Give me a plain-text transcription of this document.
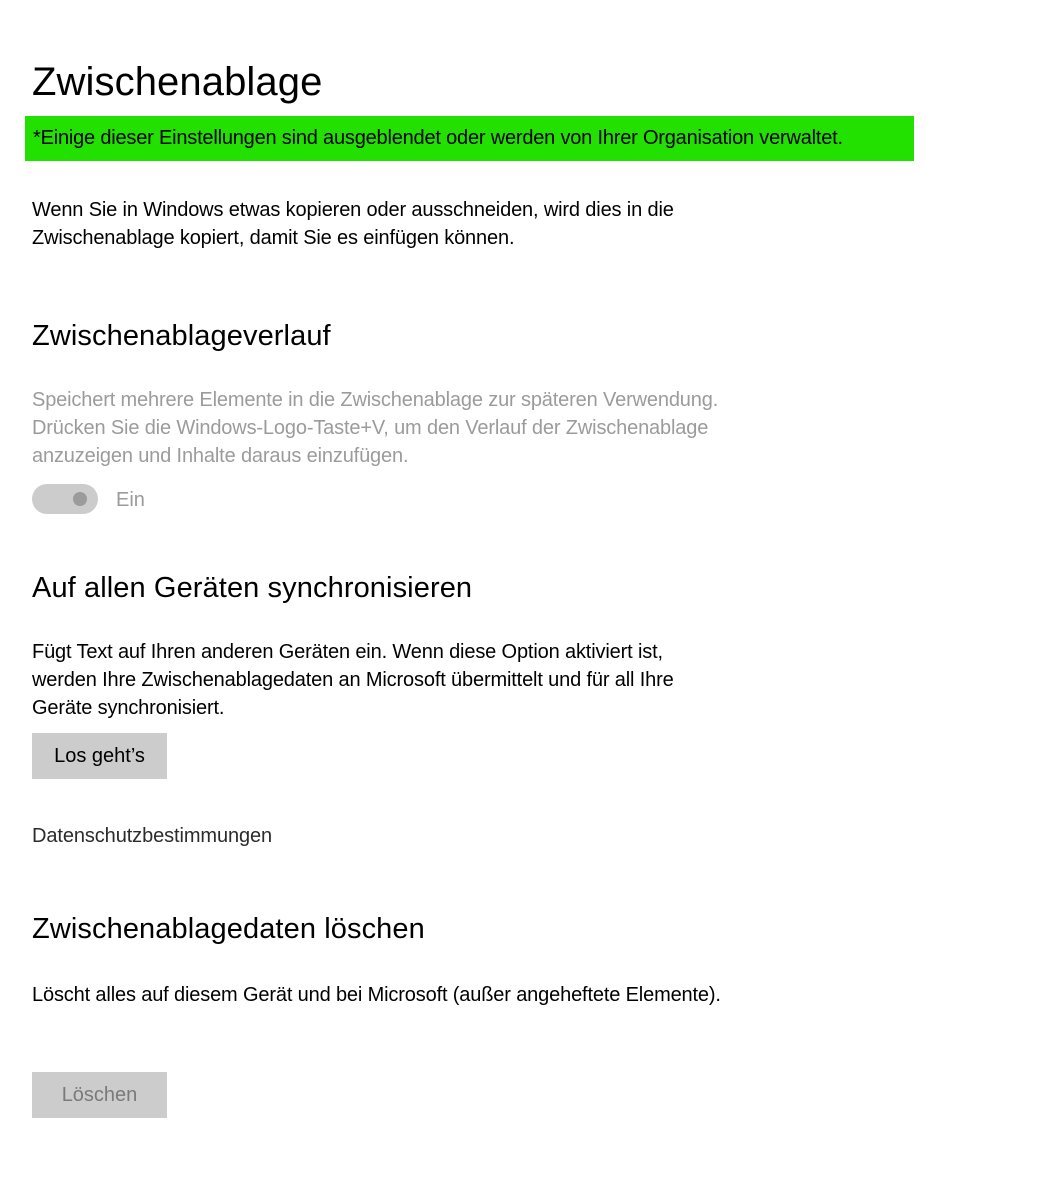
Zwischenablage
*Einige dieser Einstellungen sind ausgeblendet oder werden von Ihrer Organisation verwaltet.

Wenn Sie in Windows etwas kopieren oder ausschneiden, wird dies in die Zwischenablage kopiert, damit Sie es einfügen können.

Zwischenablageverlauf

Speichert mehrere Elemente in die Zwischenablage zur späteren Verwendung. Drücken Sie die Windows-Logo-Taste+V, um den Verlauf der Zwischenablage anzuzeigen und Inhalte daraus einzufügen.

Ein
Auf allen Geräten synchronisieren

Fügt Text auf Ihren anderen Geräten ein. Wenn diese Option aktiviert ist, werden Ihre Zwischenablagedaten an Microsoft übermittelt und für all Ihre Geräte synchronisiert.

Los geht’s
Datenschutzbestimmungen
Zwischenablagedaten löschen

Löscht alles auf diesem Gerät und bei Microsoft (außer angeheftete Elemente).

Löschen
